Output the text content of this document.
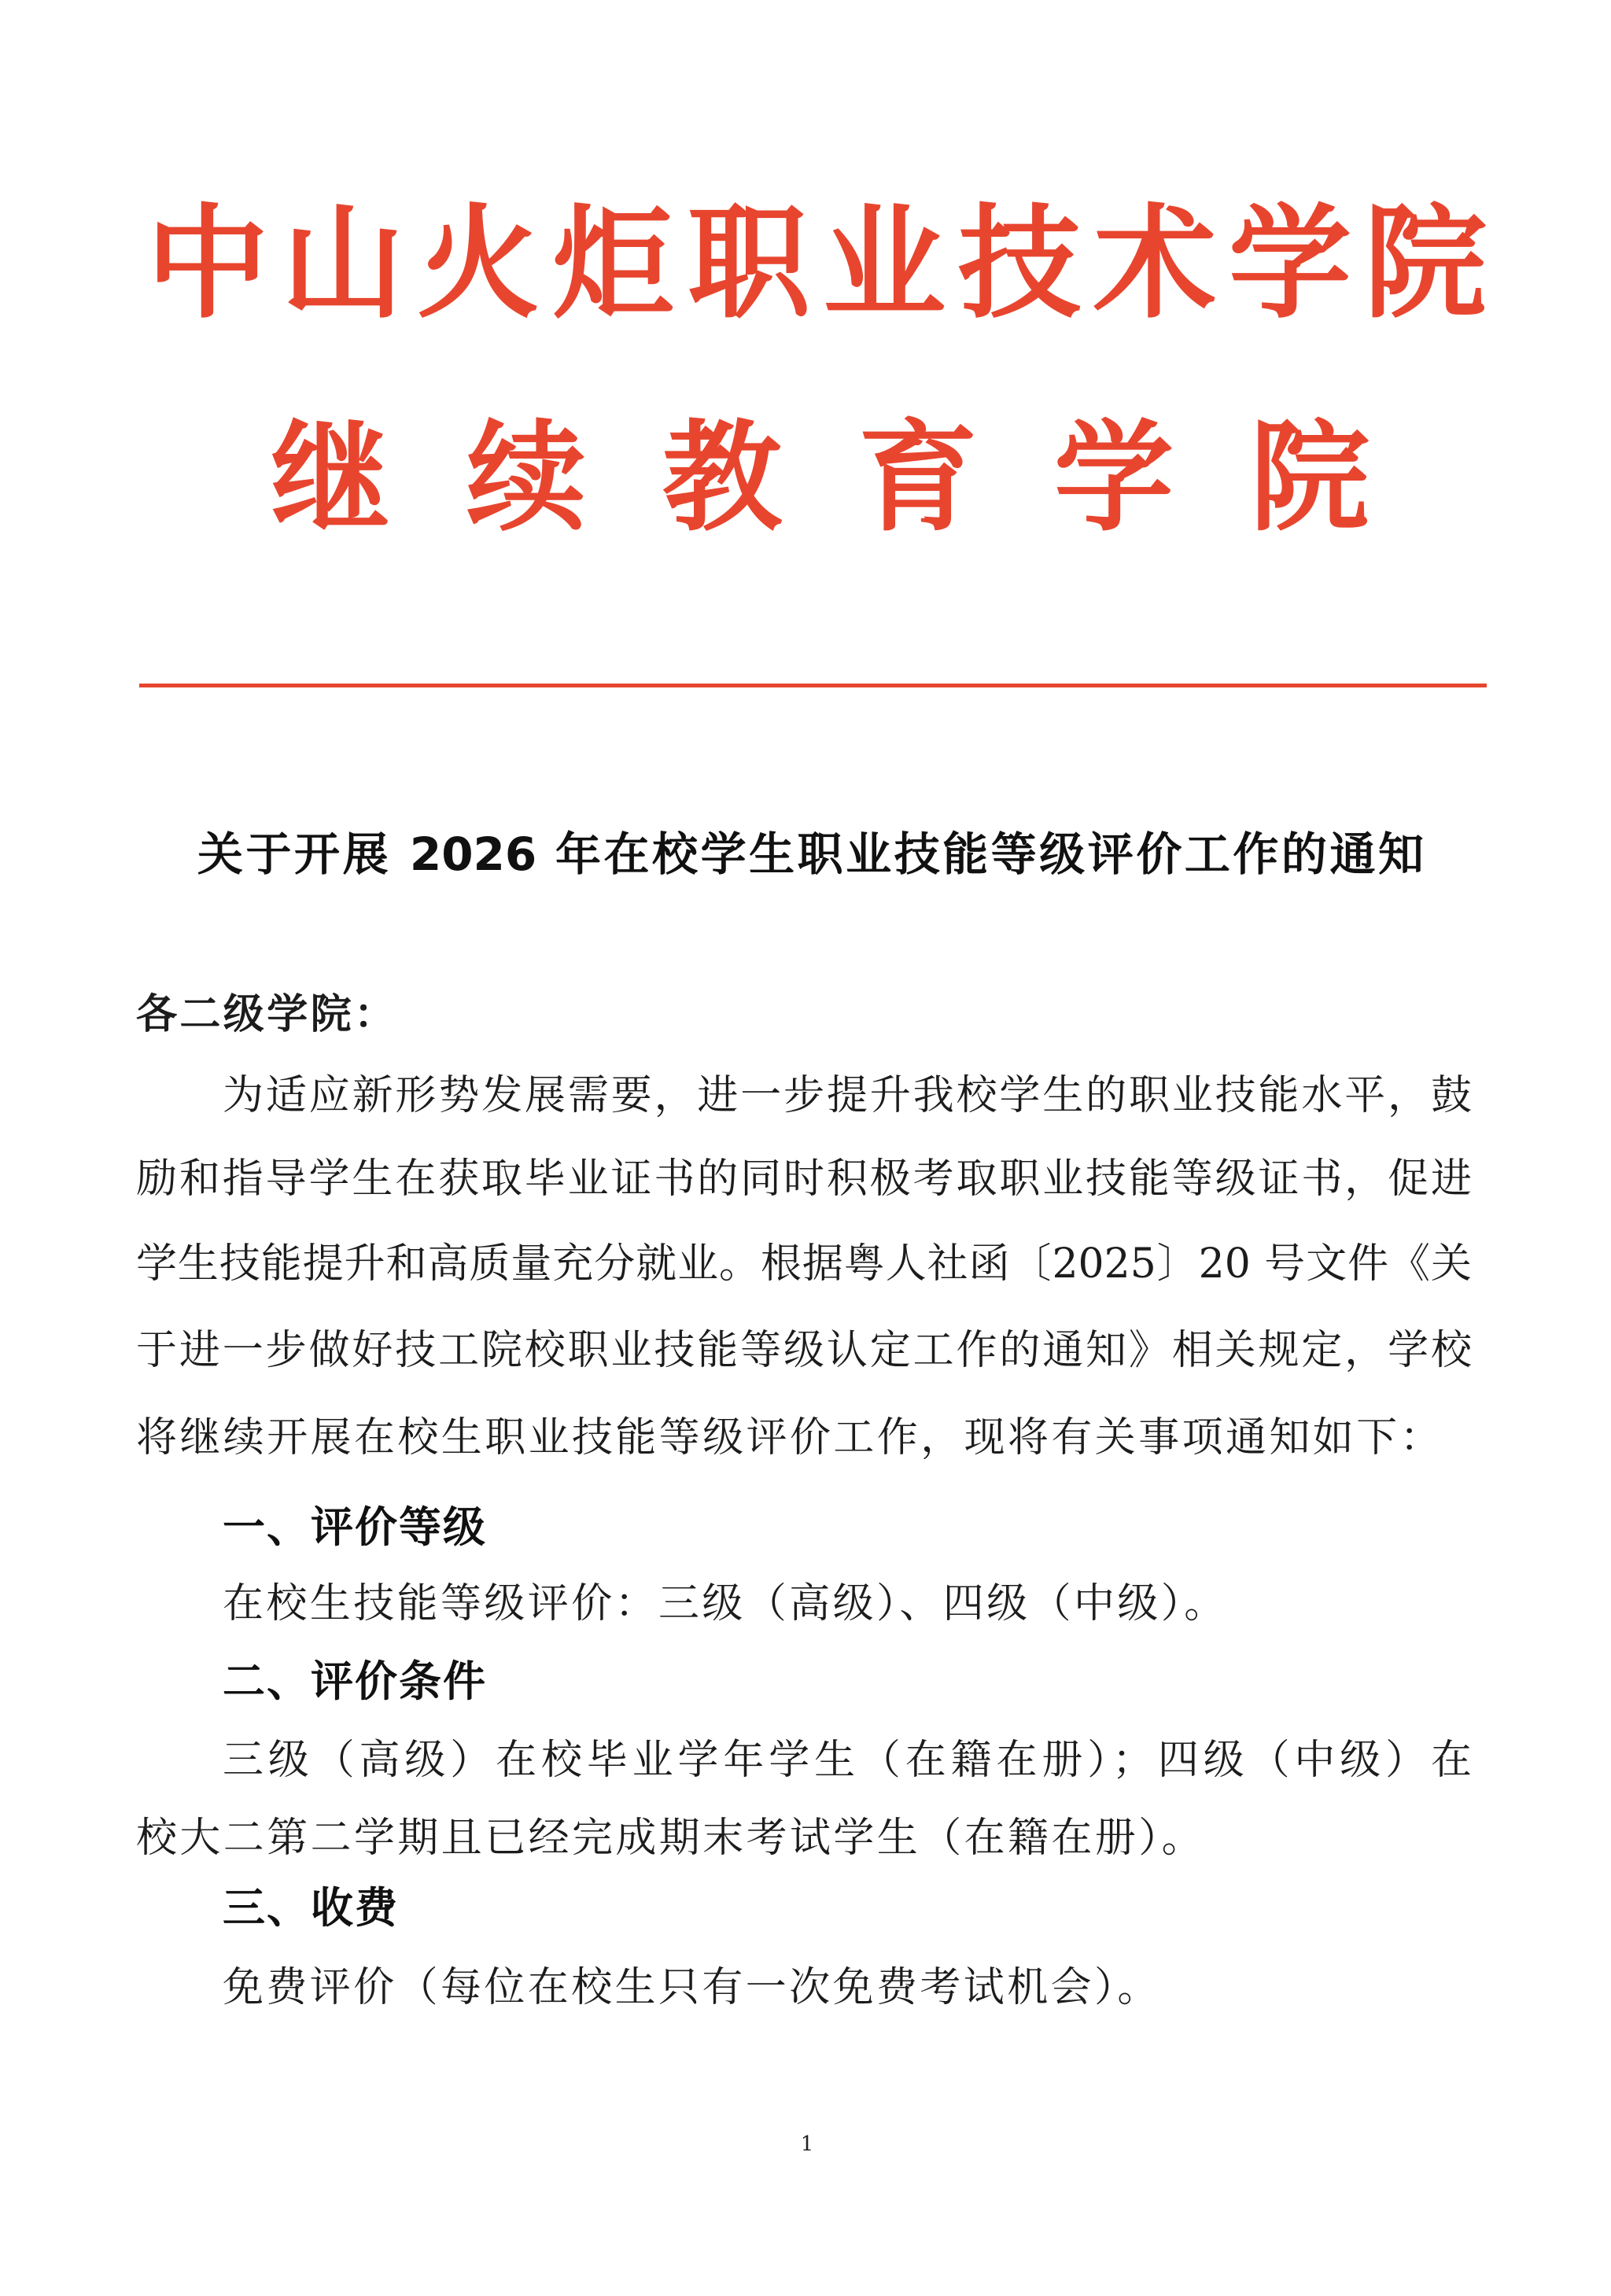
中山火炬职业技术学院
继续教育学院
关于开展 2026 年在校学生职业技能等级评价工作的通知
各二级学院：
为适应新形势发展需要，进一步提升我校学生的职业技能水平，鼓
励和指导学生在获取毕业证书的同时积极考取职业技能等级证书，促进
学生技能提升和高质量充分就业。根据粤人社函〔2025〕20 号文件《关
于进一步做好技工院校职业技能等级认定工作的通知》相关规定，学校
将继续开展在校生职业技能等级评价工作，现将有关事项通知如下：
一、评价等级
在校生技能等级评价：三级（高级）、四级（中级）。
二、评价条件
三级（高级）在校毕业学年学生（在籍在册）；四级（中级）在
校大二第二学期且已经完成期末考试学生（在籍在册）。
三、收费
免费评价（每位在校生只有一次免费考试机会）。
1
